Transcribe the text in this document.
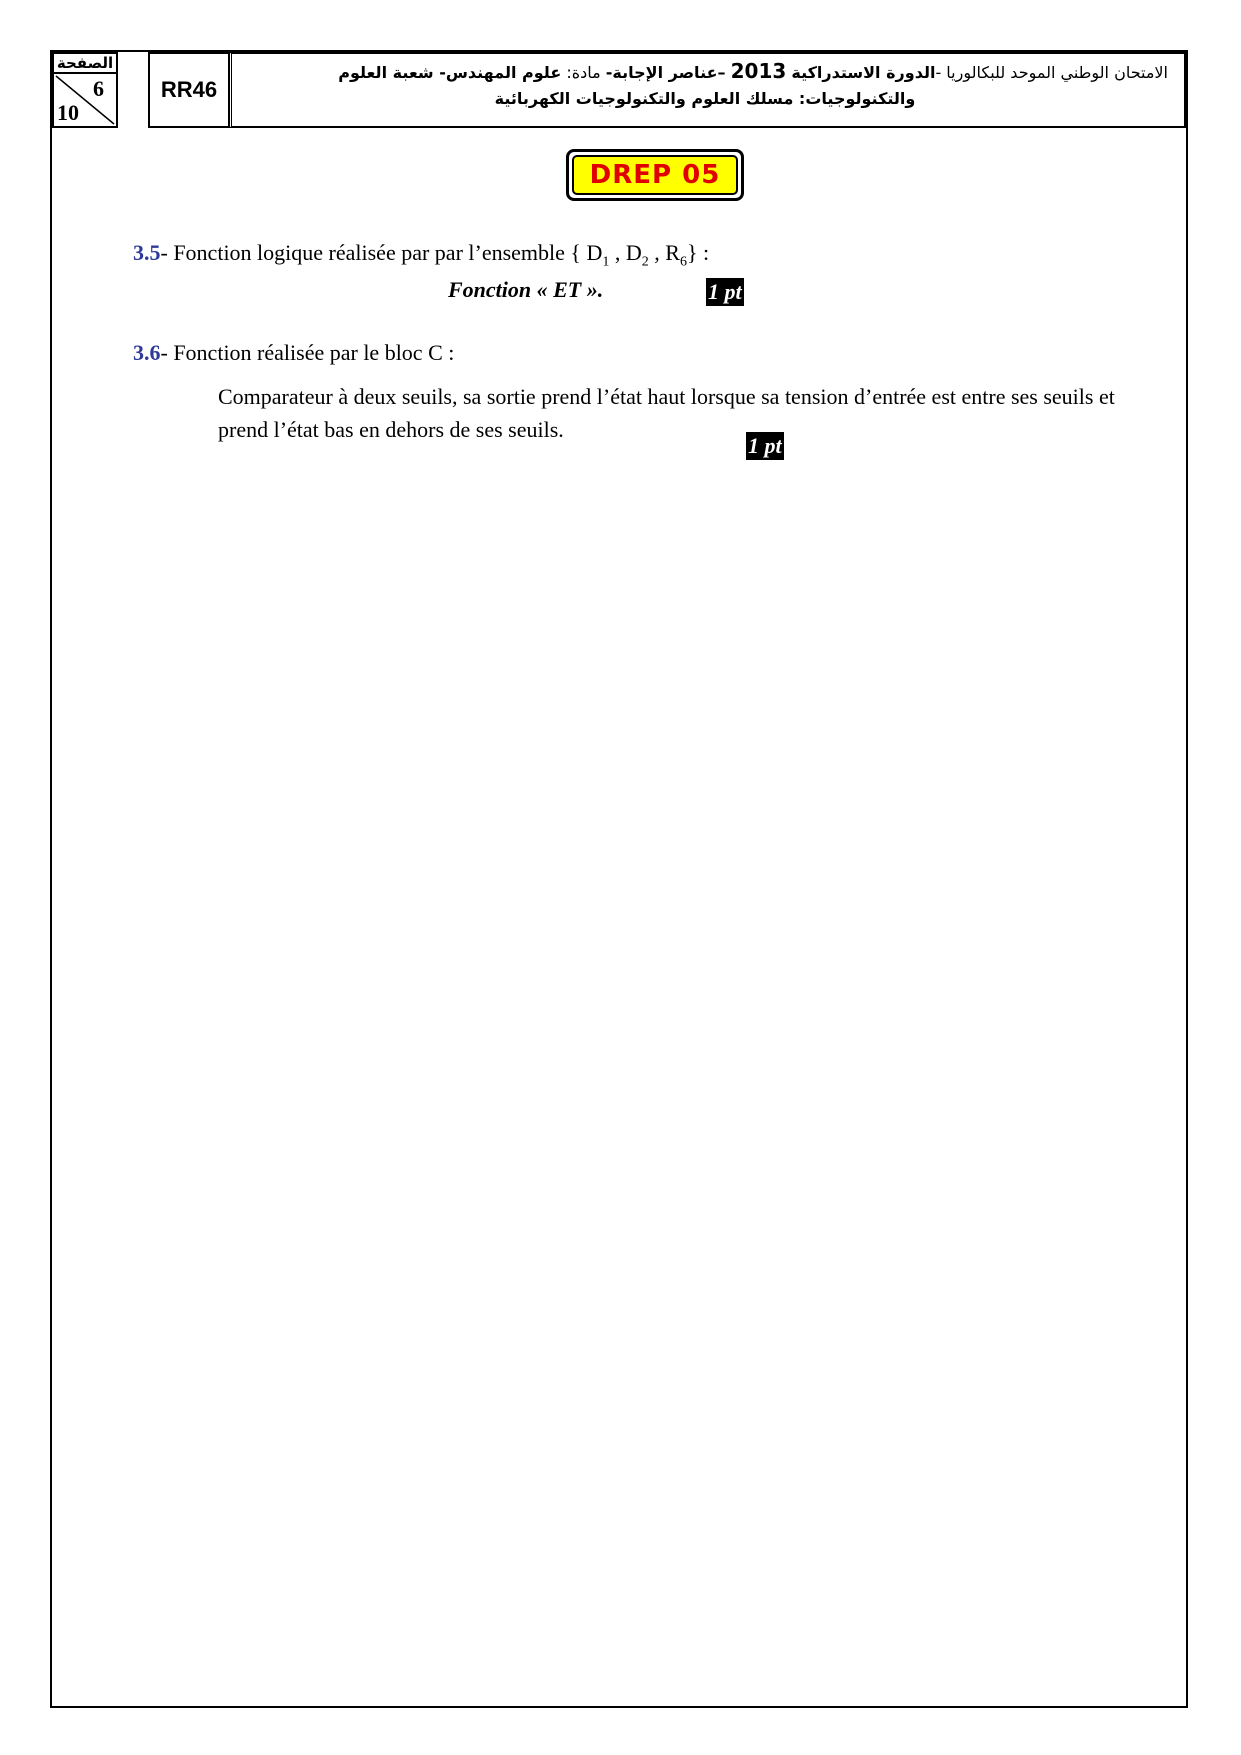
الصفحة
6
10
RR46
الامتحان الوطني الموحد للبكالوريا -الدورة الاستدراكية 2013 –عناصر الإجابة- مادة: علوم المهندس- شعبة العلوم
والتكنولوجيات: مسلك العلوم والتكنولوجيات الكهربائية
DREP 05
3.5- Fonction logique réalisée par par l’ensemble { $D_1$ , $D_2$ , $R_6$} :
Fonction « ET ».	1 pt
3.6- Fonction réalisée par le bloc C :
Comparateur à deux seuils, sa sortie prend l’état haut lorsque sa tension d’entrée est entre ses seuils et prend l’état bas en dehors de ses seuils.
1 pt
